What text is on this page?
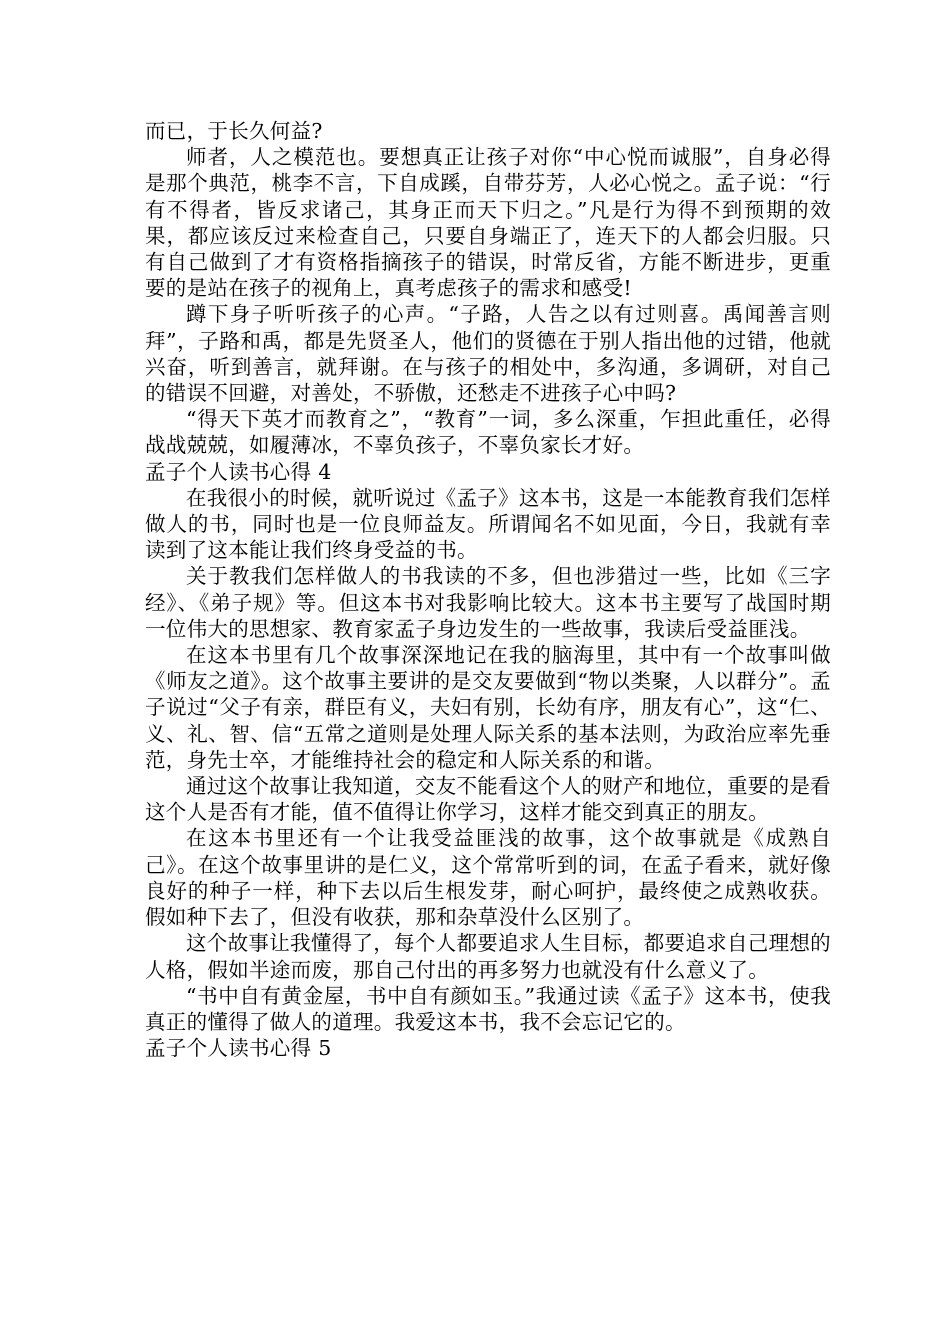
而已，于长久何益?

师者，人之模范也。要想真正让孩子对你“中心悦而诚服”，自身必得是那个典范，桃李不言，下自成蹊，自带芬芳，人必心悦之。孟子说：“行有不得者，皆反求诸己，其身正而天下归之。”凡是行为得不到预期的效果，都应该反过来检查自己，只要自身端正了，连天下的人都会归服。只有自己做到了才有资格指摘孩子的错误，时常反省，方能不断进步，更重要的是站在孩子的视角上，真考虑孩子的需求和感受!

蹲下身子听听孩子的心声。“子路，人告之以有过则喜。禹闻善言则拜”，子路和禹，都是先贤圣人，他们的贤德在于别人指出他的过错，他就兴奋，听到善言，就拜谢。在与孩子的相处中，多沟通，多调研，对自己的错误不回避，对善处，不骄傲，还愁走不进孩子心中吗?

“得天下英才而教育之”，“教育”一词，多么深重，乍担此重任，必得战战兢兢，如履薄冰，不辜负孩子，不辜负家长才好。

孟子个人读书心得 4

在我很小的时候，就听说过《孟子》这本书，这是一本能教育我们怎样做人的书，同时也是一位良师益友。所谓闻名不如见面，今日，我就有幸读到了这本能让我们终身受益的书。

关于教我们怎样做人的书我读的不多，但也涉猎过一些，比如《三字经》、《弟子规》等。但这本书对我影响比较大。这本书主要写了战国时期一位伟大的思想家、教育家孟子身边发生的一些故事，我读后受益匪浅。

在这本书里有几个故事深深地记在我的脑海里，其中有一个故事叫做《师友之道》。这个故事主要讲的是交友要做到“物以类聚，人以群分”。孟子说过“父子有亲，群臣有义，夫妇有别，长幼有序，朋友有心”，这“仁、义、礼、智、信“五常之道则是处理人际关系的基本法则，为政治应率先垂范，身先士卒，才能维持社会的稳定和人际关系的和谐。

通过这个故事让我知道，交友不能看这个人的财产和地位，重要的是看这个人是否有才能，值不值得让你学习，这样才能交到真正的朋友。

在这本书里还有一个让我受益匪浅的故事，这个故事就是《成熟自己》。在这个故事里讲的是仁义，这个常常听到的词，在孟子看来，就好像良好的种子一样，种下去以后生根发芽，耐心呵护，最终使之成熟收获。假如种下去了，但没有收获，那和杂草没什么区别了。

这个故事让我懂得了，每个人都要追求人生目标，都要追求自己理想的人格，假如半途而废，那自己付出的再多努力也就没有什么意义了。

“书中自有黄金屋，书中自有颜如玉。”我通过读《孟子》这本书，使我真正的懂得了做人的道理。我爱这本书，我不会忘记它的。

孟子个人读书心得 5
